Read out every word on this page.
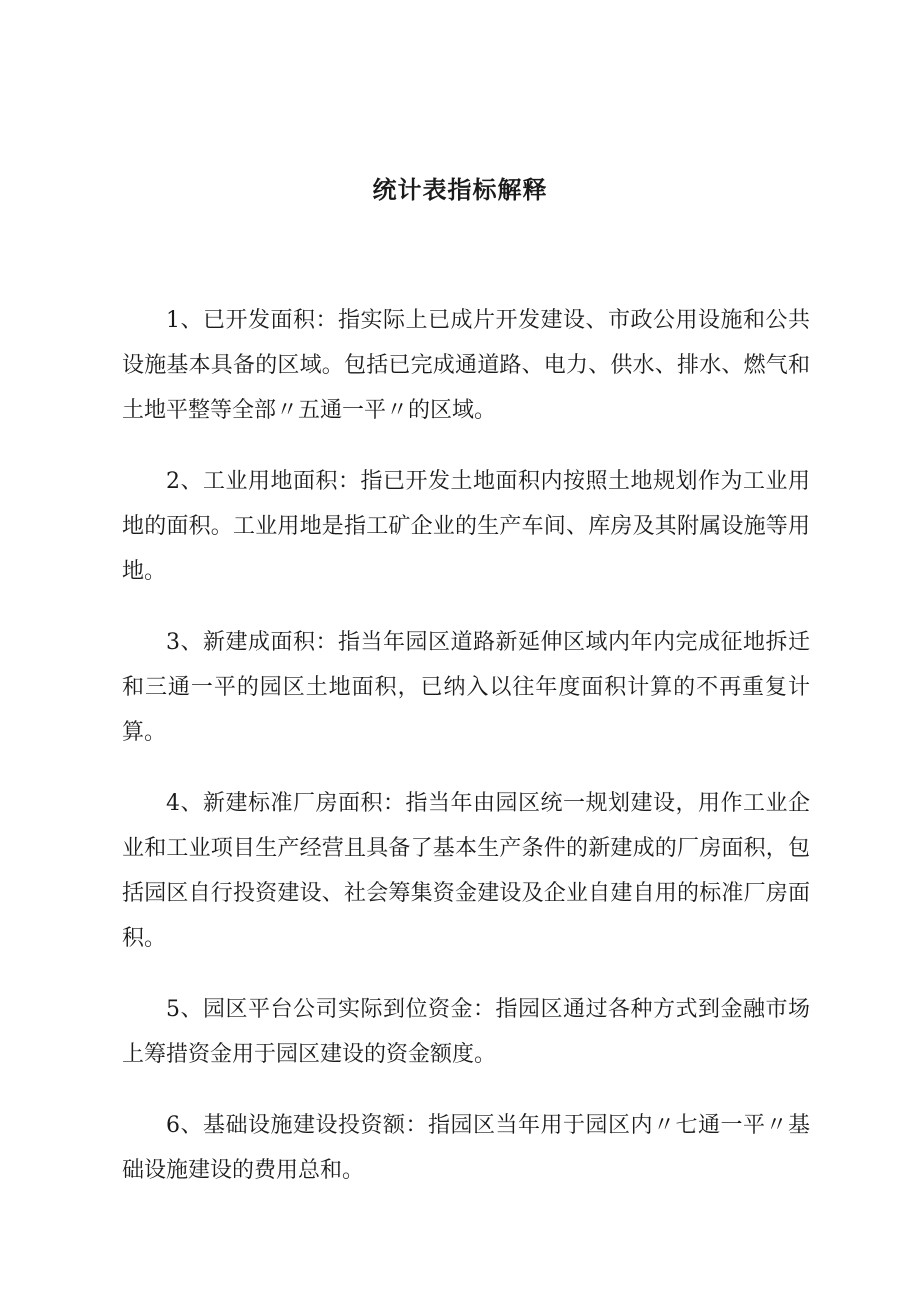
统计表指标解释

1、已开发面积：指实际上已成片开发建设、市政公用设施和公共设施基本具备的区域。包括已完成通道路、电力、供水、排水、燃气和土地平整等全部〃五通一平〃的区域。

2、工业用地面积：指已开发土地面积内按照土地规划作为工业用地的面积。工业用地是指工矿企业的生产车间、库房及其附属设施等用地。

3、新建成面积：指当年园区道路新延伸区域内年内完成征地拆迁和三通一平的园区土地面积，已纳入以往年度面积计算的不再重复计算。

4、新建标准厂房面积：指当年由园区统一规划建设，用作工业企业和工业项目生产经营且具备了基本生产条件的新建成的厂房面积，包括园区自行投资建设、社会筹集资金建设及企业自建自用的标准厂房面积。

5、园区平台公司实际到位资金：指园区通过各种方式到金融市场上筹措资金用于园区建设的资金额度。

6、基础设施建设投资额：指园区当年用于园区内〃七通一平〃基础设施建设的费用总和。
